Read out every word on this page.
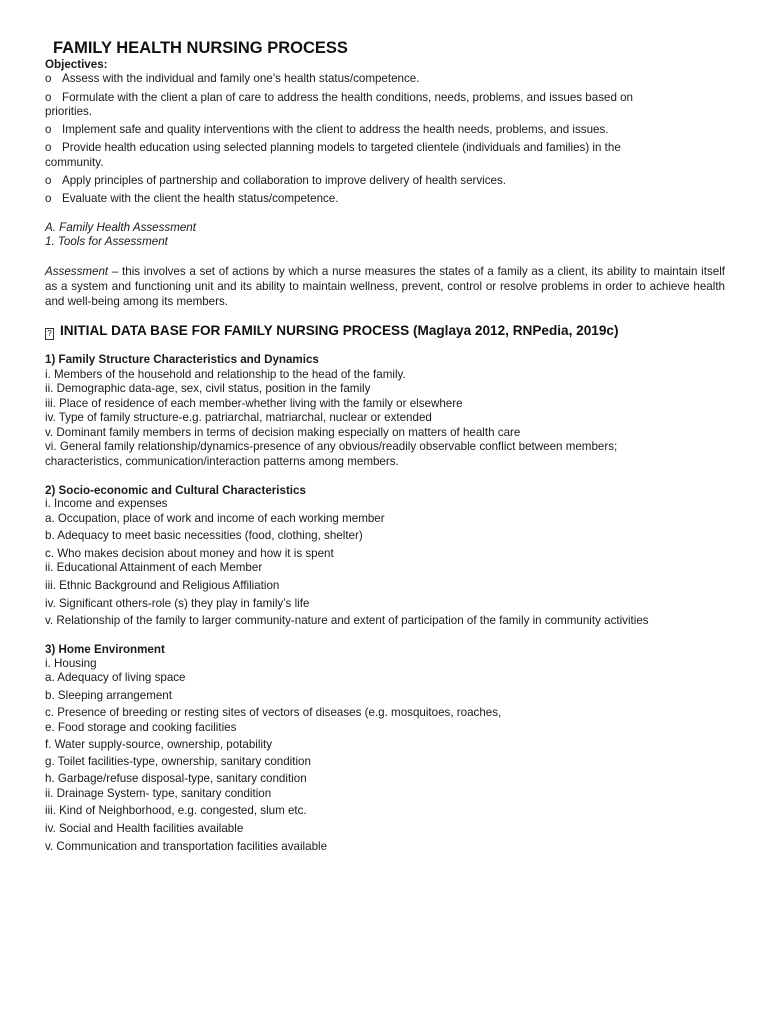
FAMILY HEALTH NURSING PROCESS
Objectives:
o Assess with the individual and family one’s health status/competence.
o Formulate with the client a plan of care to address the health conditions, needs, problems, and issues based on
priorities.
o Implement safe and quality interventions with the client to address the health needs, problems, and issues.
o Provide health education using selected planning models to targeted clientele (individuals and families) in the
community.
o Apply principles of partnership and collaboration to improve delivery of health services.
o Evaluate with the client the health status/competence.
A. Family Health Assessment
1. Tools for Assessment
Assessment – this involves a set of actions by which a nurse measures the states of a family as a client, its ability to maintain itself as a system and functioning unit and its ability to maintain wellness, prevent, control or resolve problems in order to achieve health and well-being among its members.
? INITIAL DATA BASE FOR FAMILY NURSING PROCESS (Maglaya 2012, RNPedia, 2019c)
1) Family Structure Characteristics and Dynamics
i. Members of the household and relationship to the head of the family.
ii. Demographic data-age, sex, civil status, position in the family
iii. Place of residence of each member-whether living with the family or elsewhere
iv. Type of family structure-e.g. patriarchal, matriarchal, nuclear or extended
v. Dominant family members in terms of decision making especially on matters of health care
vi. General family relationship/dynamics-presence of any obvious/readily observable conflict between members;
characteristics, communication/interaction patterns among members.
2) Socio-economic and Cultural Characteristics
i. Income and expenses
a. Occupation, place of work and income of each working member
b. Adequacy to meet basic necessities (food, clothing, shelter)
c. Who makes decision about money and how it is spent
ii. Educational Attainment of each Member
iii. Ethnic Background and Religious Affiliation
iv. Significant others-role (s) they play in family’s life
v. Relationship of the family to larger community-nature and extent of participation of the family in community activities
3) Home Environment
i. Housing
a. Adequacy of living space
b. Sleeping arrangement
c. Presence of breeding or resting sites of vectors of diseases (e.g. mosquitoes, roaches,
e. Food storage and cooking facilities
f. Water supply-source, ownership, potability
g. Toilet facilities-type, ownership, sanitary condition
h. Garbage/refuse disposal-type, sanitary condition
ii. Drainage System- type, sanitary condition
iii. Kind of Neighborhood, e.g. congested, slum etc.
iv. Social and Health facilities available
v. Communication and transportation facilities available
